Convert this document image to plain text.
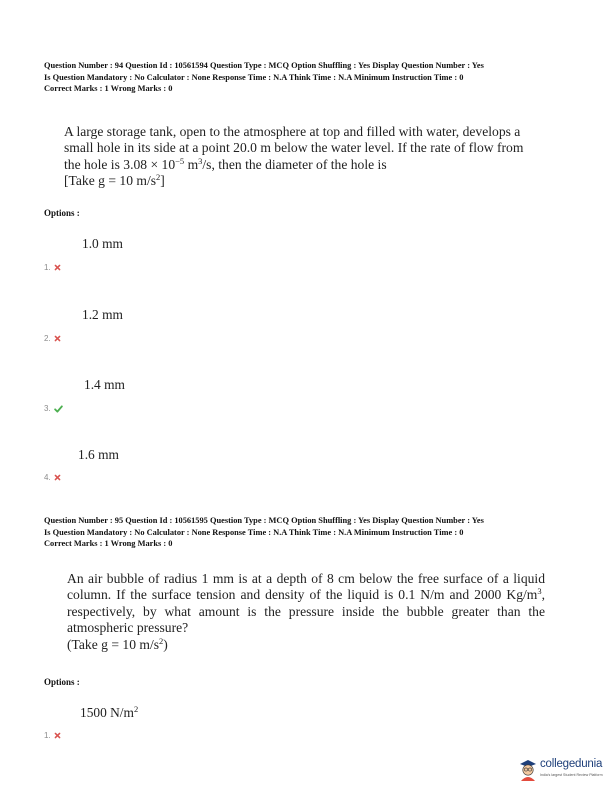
Question Number : 94 Question Id : 10561594 Question Type : MCQ Option Shuffling : Yes Display Question Number : Yes
Is Question Mandatory : No Calculator : None Response Time : N.A Think Time : N.A Minimum Instruction Time : 0
Correct Marks : 1 Wrong Marks : 0
A large storage tank, open to the atmosphere at top and filled with water, develops a
small hole in its side at a point 20.0 m below the water level. If the rate of flow from
the hole is $3.08 \times 10^{-5}$ $m^3/s$, then the diameter of the hole is
[Take g = 10 $m/s^2$]
Options :
1.0 mm
1.
1.2 mm
2.
1.4 mm
3.
1.6 mm
4.
Question Number : 95 Question Id : 10561595 Question Type : MCQ Option Shuffling : Yes Display Question Number : Yes
Is Question Mandatory : No Calculator : None Response Time : N.A Think Time : N.A Minimum Instruction Time : 0
Correct Marks : 1 Wrong Marks : 0
An air bubble of radius 1 mm is at a depth of 8 cm below the free surface of a liquid
column. If the surface tension and density of the liquid is 0.1 N/m and 2000 $Kg/m^3$,
respectively, by what amount is the pressure inside the bubble greater than the
atmospheric pressure?
(Take g = 10 $m/s^2$)
Options :
1500 $N/m^2$
1.
collegedunia
India's largest Student Review Platform
